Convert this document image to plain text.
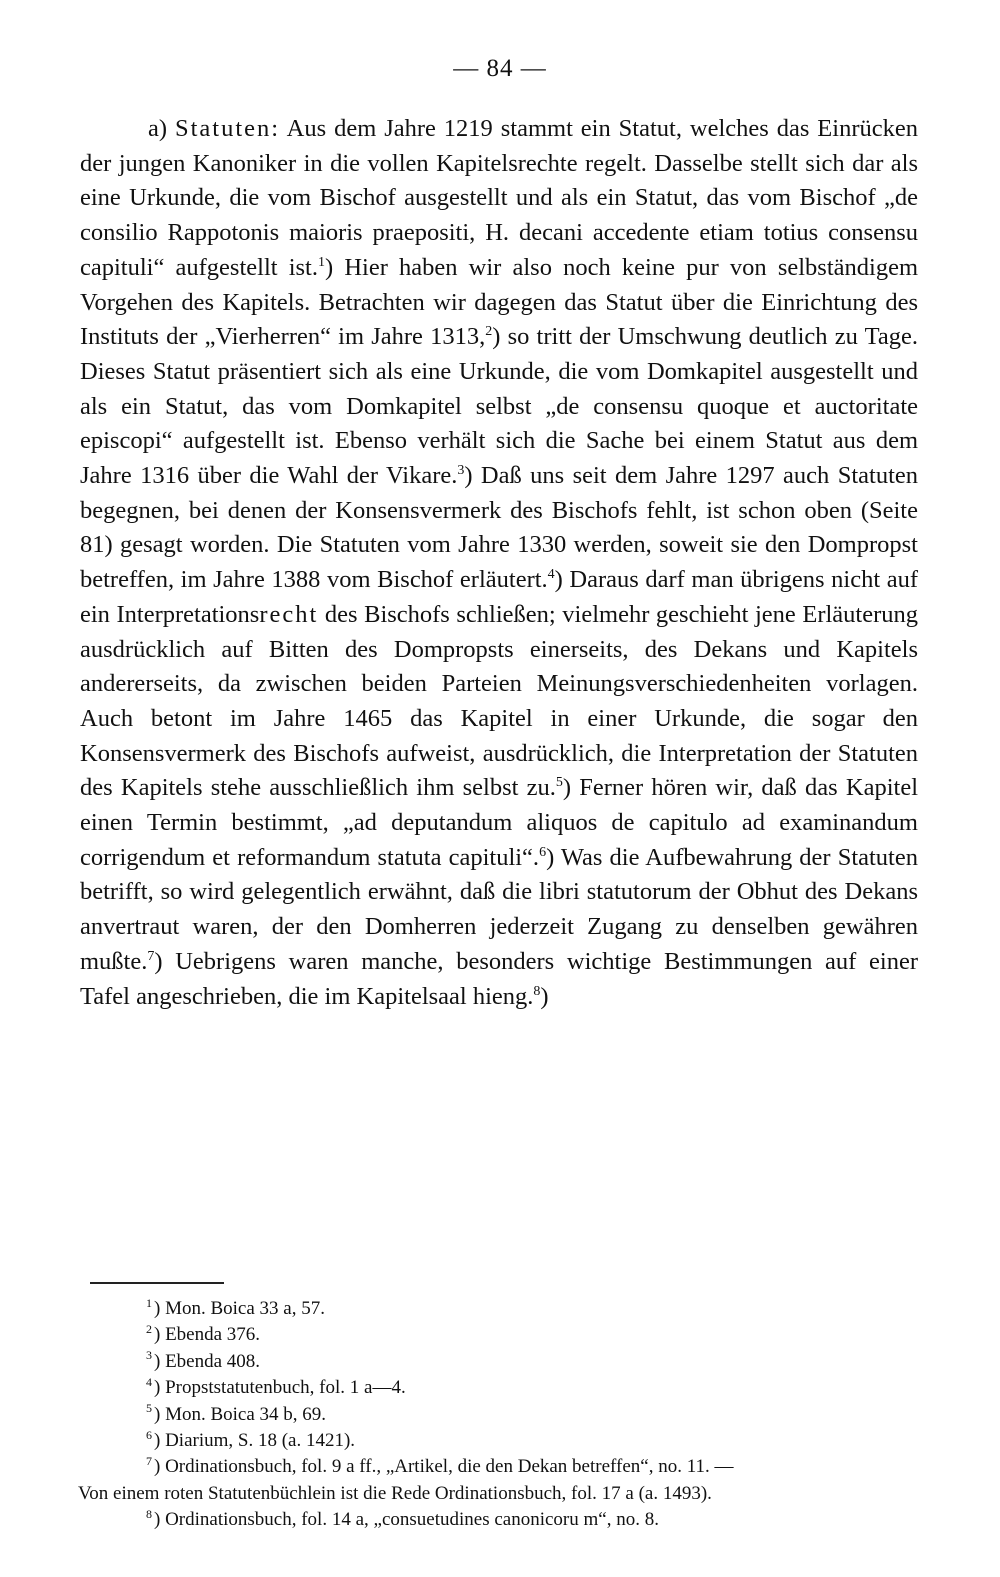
— 84 —
a) Statuten: Aus dem Jahre 1219 stammt ein Statut, welches das Einrücken der jungen Kanoniker in die vollen Kapitelsrechte regelt. Dasselbe stellt sich dar als eine Urkunde, die vom Bischof ausgestellt und als ein Statut, das vom Bischof „de consilio Rappotonis maioris praepositi, H. decani accedente etiam totius consensu capituli“ aufgestellt ist.$^1$) Hier haben wir also noch keine pur von selbständigem Vorgehen des Kapitels. Betrachten wir dagegen das Statut über die Einrichtung des Instituts der „Vierherren“ im Jahre 1313,$^2$) so tritt der Umschwung deutlich zu Tage. Dieses Statut präsentiert sich als eine Urkunde, die vom Domkapitel ausgestellt und als ein Statut, das vom Domkapitel selbst „de consensu quoque et auctoritate episcopi“ aufgestellt ist. Ebenso verhält sich die Sache bei einem Statut aus dem Jahre 1316 über die Wahl der Vikare.$^3$) Daß uns seit dem Jahre 1297 auch Statuten begegnen, bei denen der Konsensvermerk des Bischofs fehlt, ist schon oben (Seite 81) gesagt worden. Die Statuten vom Jahre 1330 werden, soweit sie den Dompropst betreffen, im Jahre 1388 vom Bischof erläutert.$^4$) Daraus darf man übrigens nicht auf ein Interpretationsrecht des Bischofs schließen; vielmehr geschieht jene Erläuterung ausdrücklich auf Bitten des Dompropsts einerseits, des Dekans und Kapitels andererseits, da zwischen beiden Parteien Meinungsverschiedenheiten vorlagen. Auch betont im Jahre 1465 das Kapitel in einer Urkunde, die sogar den Konsensvermerk des Bischofs aufweist, ausdrücklich, die Interpretation der Statuten des Kapitels stehe ausschließlich ihm selbst zu.$^5$) Ferner hören wir, daß das Kapitel einen Termin bestimmt, „ad deputandum aliquos de capitulo ad examinandum corrigendum et reformandum statuta capituli“.$^6$) Was die Aufbewahrung der Statuten betrifft, so wird gelegentlich erwähnt, daß die libri statutorum der Obhut des Dekans anvertraut waren, der den Domherren jederzeit Zugang zu denselben gewähren mußte.$^7$) Uebrigens waren manche, besonders wichtige Bestimmungen auf einer Tafel angeschrieben, die im Kapitelsaal hieng.$^8$)

$^1$ ) Mon. Boica 33 a, 57.

$^2$ ) Ebenda 376.

$^3$ ) Ebenda 408.

$^4$ ) Propststatutenbuch, fol. 1 a—4.

$^5$ ) Mon. Boica 34 b, 69.

$^6$ ) Diarium, S. 18 (a. 1421).

$^7$ ) Ordinationsbuch, fol. 9 a ff., „Artikel, die den Dekan betreffen“, no. 11. —

Von einem roten Statutenbüchlein ist die Rede Ordinationsbuch, fol. 17 a (a. 1493).

$^8$ ) Ordinationsbuch, fol. 14 a, „consuetudines canonicoru m“, no. 8.
